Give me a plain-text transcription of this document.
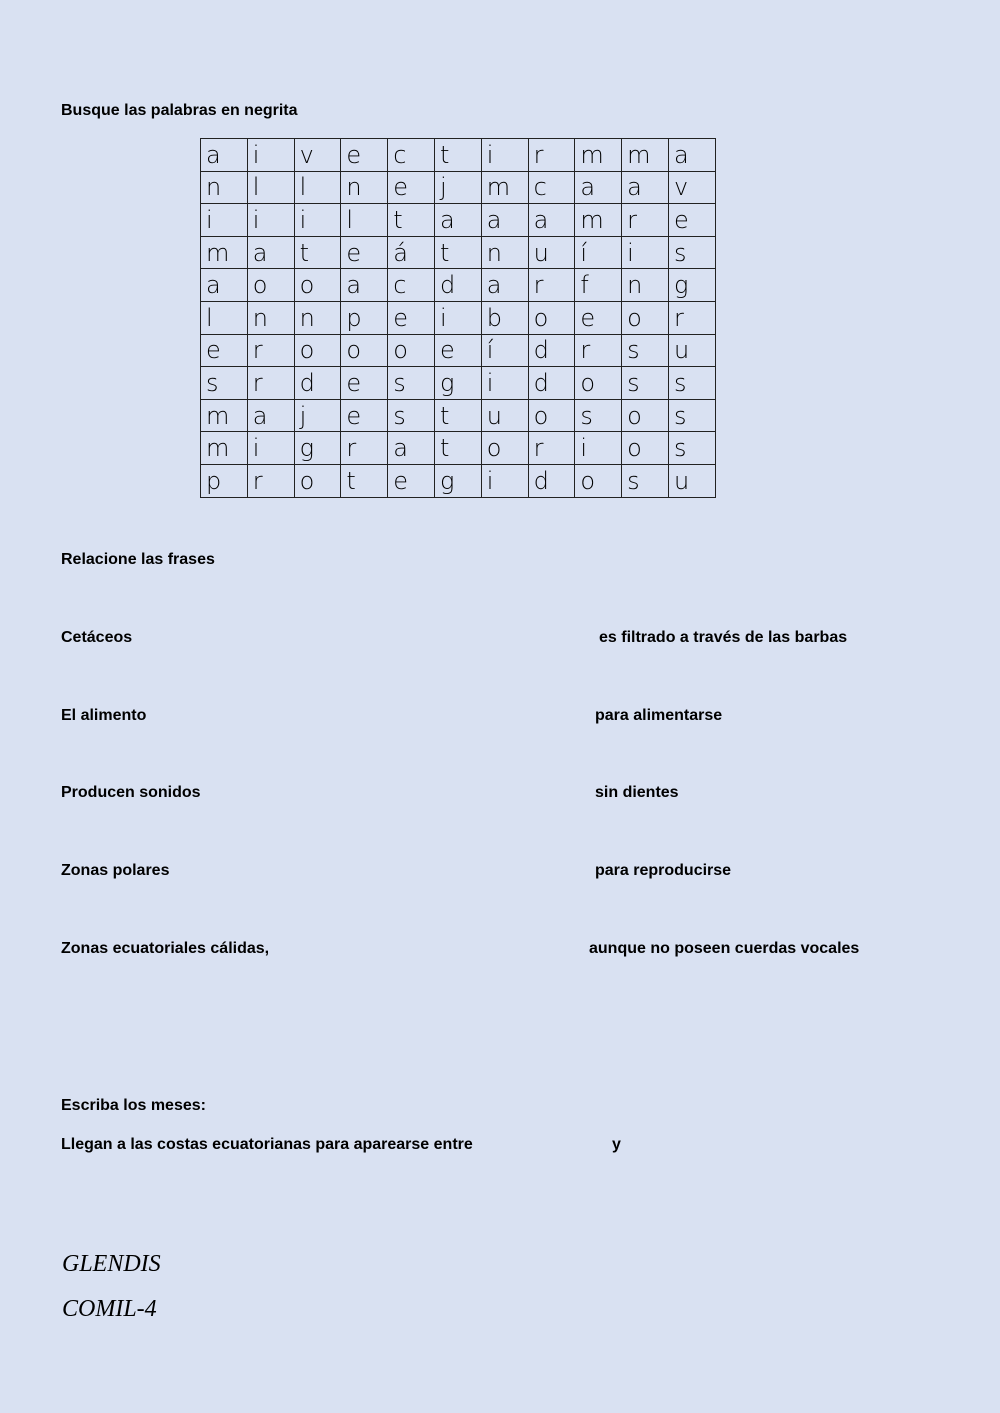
Busque las palabras en negrita
a	i	v	e	c	t	i	r	m	m	a
n	l	l	n	e	j	m	c	a	a	v
i	i	i	l	t	a	a	a	m	r	e
m	a	t	e	á	t	n	u	í	i	s
a	o	o	a	c	d	a	r	f	n	g
l	n	n	p	e	i	b	o	e	o	r
e	r	o	o	o	e	í	d	r	s	u
s	r	d	e	s	g	i	d	o	s	s
m	a	j	e	s	t	u	o	s	o	s
m	i	g	r	a	t	o	r	i	o	s
p	r	o	t	e	g	i	d	o	s	u
Relacione las frases
Cetáceos	es filtrado a través de las barbas
El alimento	para alimentarse
Producen sonidos	sin dientes
Zonas polares	para reproducirse
Zonas ecuatoriales cálidas,	aunque no poseen cuerdas vocales
Escriba los meses:
Llegan a las costas ecuatorianas para aparearse entre	y
GLENDIS
COMIL-4
